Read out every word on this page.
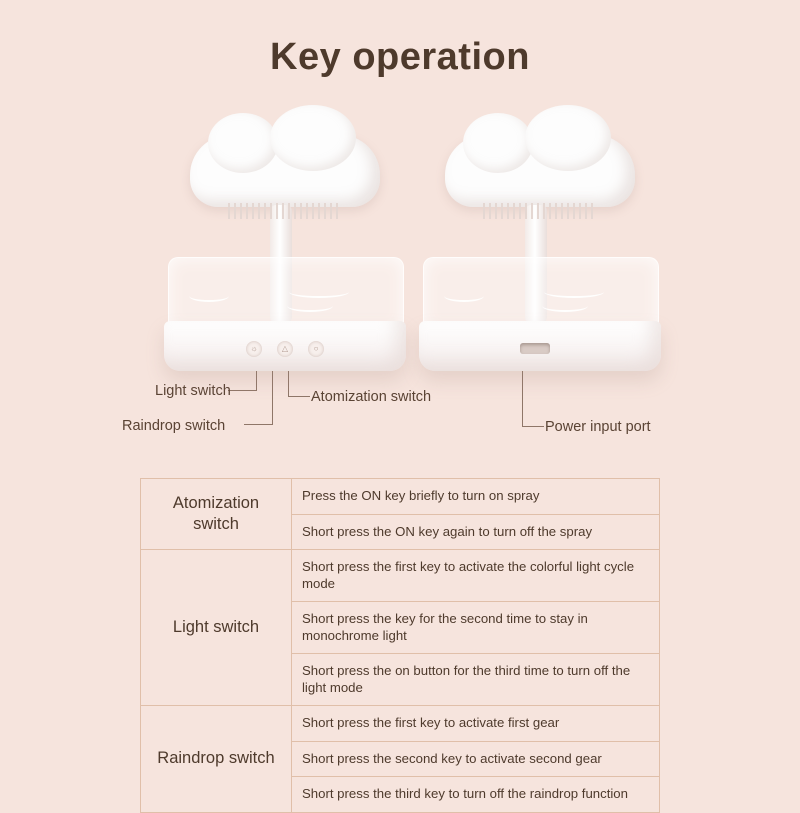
Key operation
☼	△	○
Light switch	Atomization switch
Raindrop switch	Power input port
Atomization switch	Press the ON key briefly to turn on spray
	Short press the ON key again to turn off the spray
Light switch	Short press the first key to activate the colorful light cycle mode
	Short press the key for the second time to stay in monochrome light
	Short press the on button for the third time to turn off the light mode
Raindrop switch	Short press the first key to activate first gear
	Short press the second key to activate second gear
	Short press the third key to turn off the raindrop function
